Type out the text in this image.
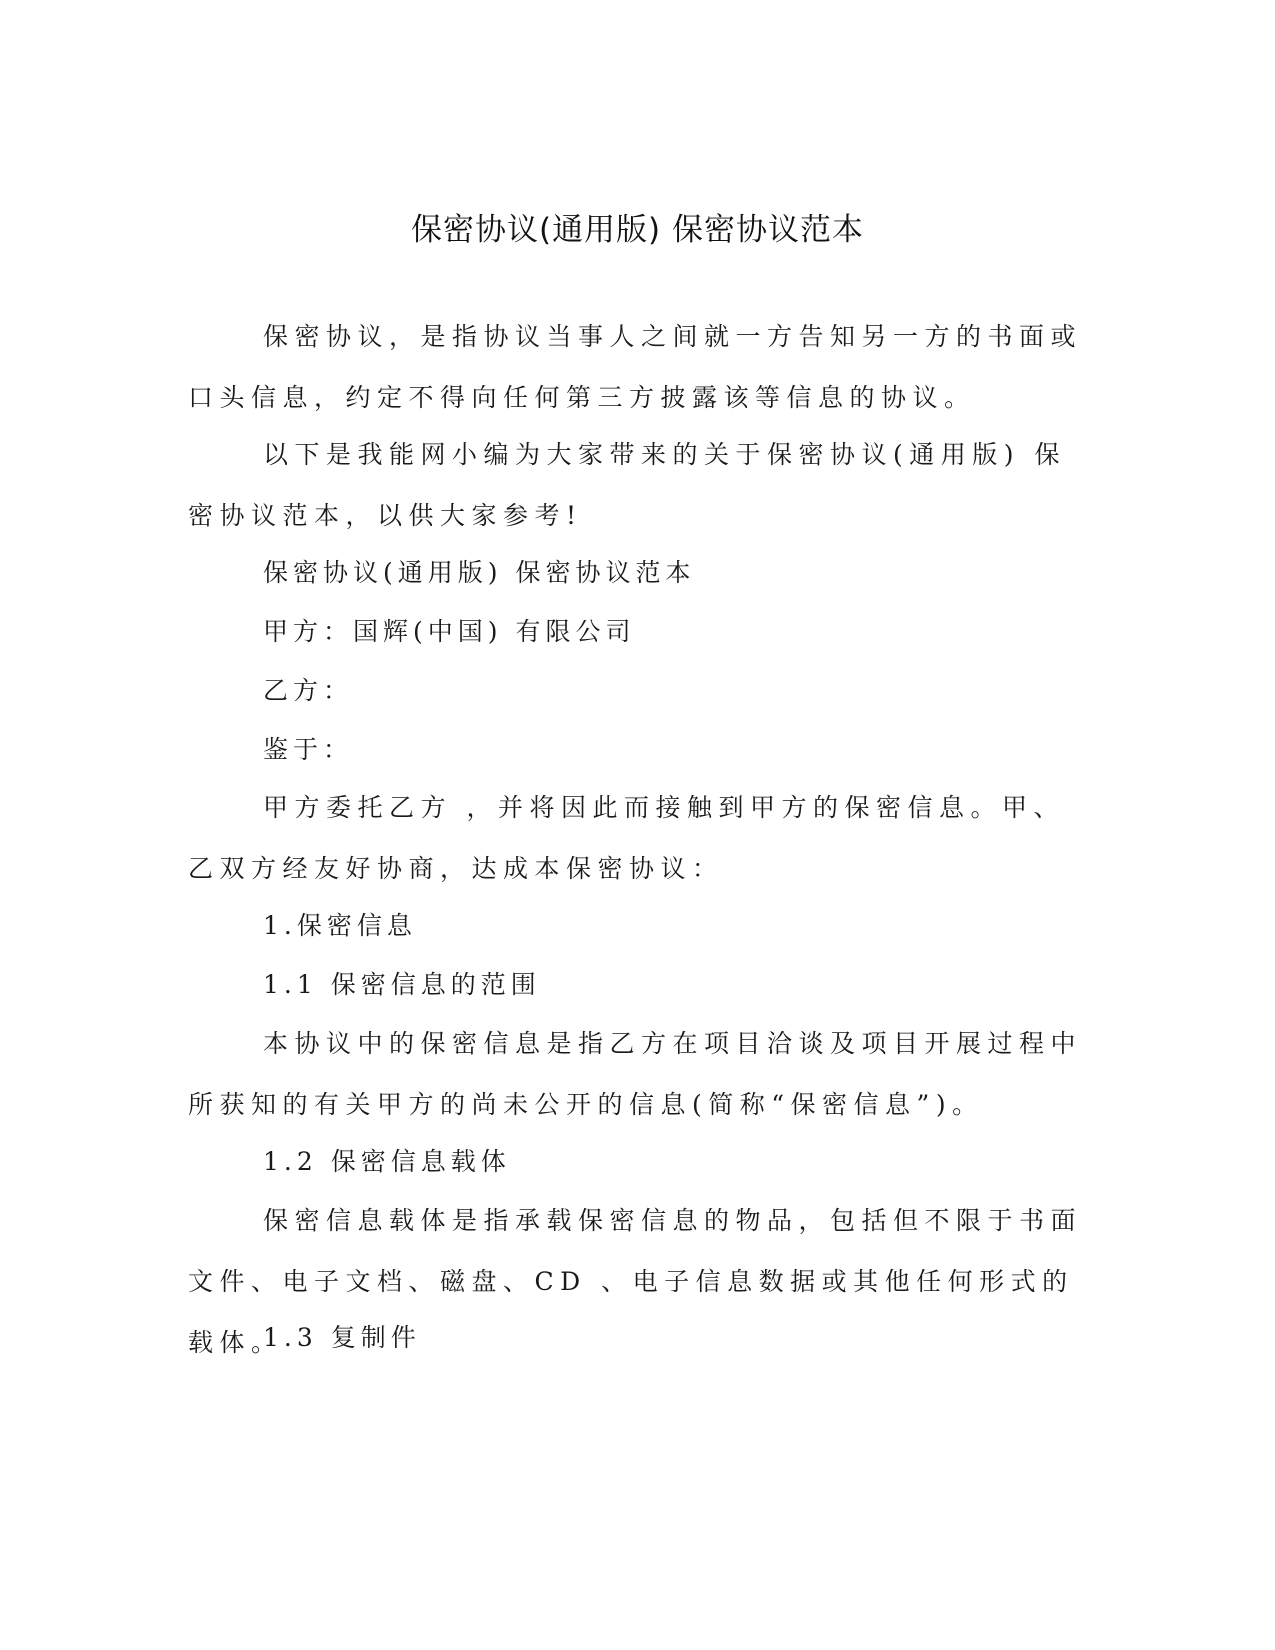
保密协议(通用版) 保密协议范本

保密协议，是指协议当事人之间就一方告知另一方的书面或口头信息，约定不得向任何第三方披露该等信息的协议。

以下是我能网小编为大家带来的关于保密协议(通用版) 保密协议范本，以供大家参考!

保密协议(通用版) 保密协议范本

甲方：国辉(中国) 有限公司

乙方：

鉴于：

甲方委托乙方 ，并将因此而接触到甲方的保密信息。甲、乙双方经友好协商，达成本保密协议：

1.保密信息

1.1 保密信息的范围

本协议中的保密信息是指乙方在项目洽谈及项目开展过程中所获知的有关甲方的尚未公开的信息(简称“保密信息”)。

1.2 保密信息载体

保密信息载体是指承载保密信息的物品，包括但不限于书面文件、电子文档、磁盘、CD 、电子信息数据或其他任何形式的载体。

1.3 复制件
